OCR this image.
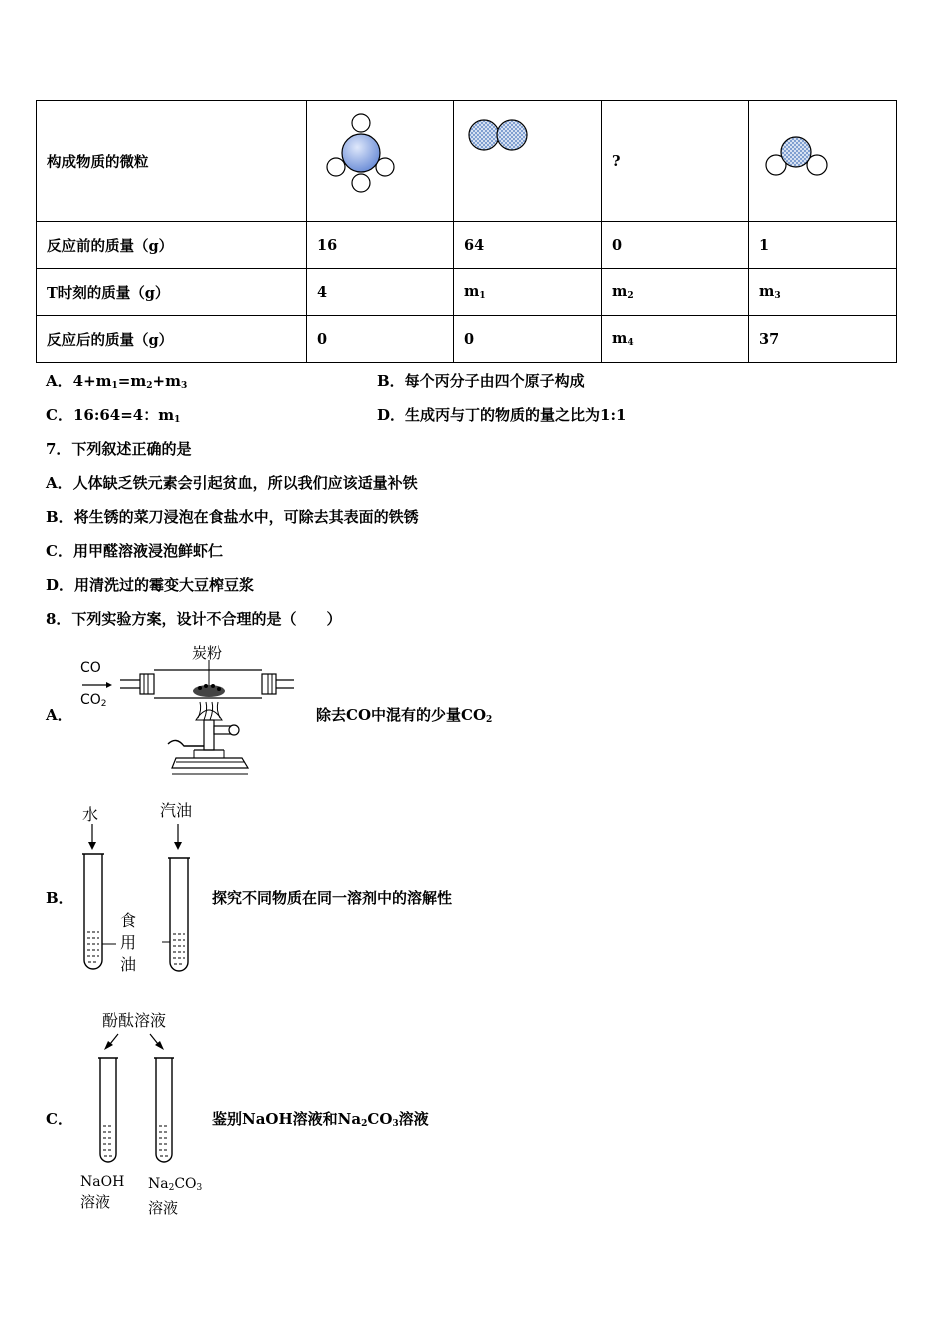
构成物质的微粒			?	
反应前的质量（g）	16	64	0	1
T时刻的质量（g）	4	$m_1$	$m_2$	$m_3$
反应后的质量（g）	0	0	$m_4$	37
A．$4+m_1=m_2+m_3$	B．每个丙分子由四个原子构成
C．16:64=4：$m_1$	D．生成丙与丁的物质的量之比为1:1
7．下列叙述正确的是
A．人体缺乏铁元素会引起贫血，所以我们应该适量补铁
B．将生锈的菜刀浸泡在食盐水中，可除去其表面的铁锈
C．用甲醛溶液浸泡鲜虾仁
D．用清洗过的霉变大豆榨豆浆
8．下列实验方案，设计不合理的是（　　）
A．
CO
$CO_2$
炭粉
除去CO中混有的少量$CO_2$
B．
水	汽油
食
用
油
探究不同物质在同一溶剂中的溶解性
C．
酚酞溶液
NaOH
溶液
$Na_2CO_3$
溶液
鉴别NaOH溶液和$Na_2CO_3$溶液
